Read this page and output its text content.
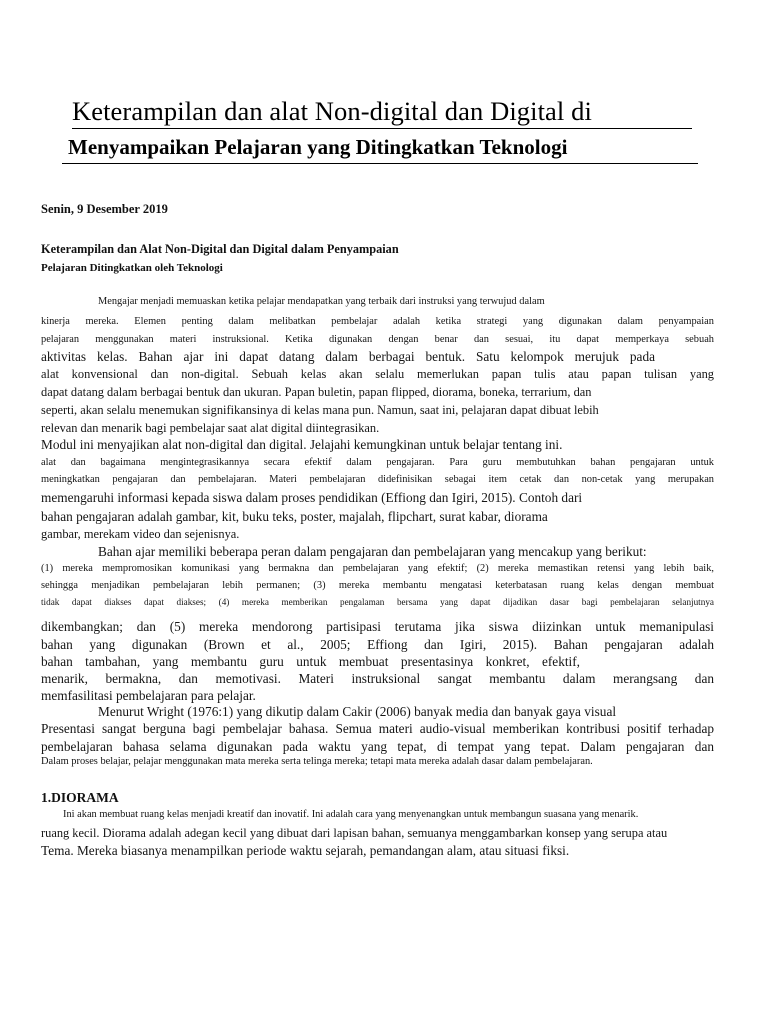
Keterampilan dan alat Non-digital dan Digital di
Menyampaikan Pelajaran yang Ditingkatkan Teknologi
Senin, 9 Desember 2019
Keterampilan dan Alat Non-Digital dan Digital dalam Penyampaian
Pelajaran Ditingkatkan oleh Teknologi
Mengajar menjadi memuaskan ketika pelajar mendapatkan yang terbaik dari instruksi yang terwujud dalam
kinerja mereka. Elemen penting dalam melibatkan pembelajar adalah ketika strategi yang digunakan dalam penyampaian
pelajaran menggunakan materi instruksional. Ketika digunakan dengan benar dan sesuai, itu dapat memperkaya sebuah
aktivitas kelas. Bahan ajar ini dapat datang dalam berbagai bentuk. Satu kelompok merujuk pada
alat konvensional dan non-digital. Sebuah kelas akan selalu memerlukan papan tulis atau papan tulisan yang
dapat datang dalam berbagai bentuk dan ukuran. Papan buletin, papan flipped, diorama, boneka, terrarium, dan
seperti, akan selalu menemukan signifikansinya di kelas mana pun. Namun, saat ini, pelajaran dapat dibuat lebih
relevan dan menarik bagi pembelajar saat alat digital diintegrasikan.
Modul ini menyajikan alat non-digital dan digital. Jelajahi kemungkinan untuk belajar tentang ini.
alat dan bagaimana mengintegrasikannya secara efektif dalam pengajaran. Para guru membutuhkan bahan pengajaran untuk
meningkatkan pengajaran dan pembelajaran. Materi pembelajaran didefinisikan sebagai item cetak dan non-cetak yang merupakan
memengaruhi informasi kepada siswa dalam proses pendidikan (Effiong dan Igiri, 2015). Contoh dari
bahan pengajaran adalah gambar, kit, buku teks, poster, majalah, flipchart, surat kabar, diorama
gambar, merekam video dan sejenisnya.
Bahan ajar memiliki beberapa peran dalam pengajaran dan pembelajaran yang mencakup yang berikut:
(1) mereka mempromosikan komunikasi yang bermakna dan pembelajaran yang efektif; (2) mereka memastikan retensi yang lebih baik,
sehingga menjadikan pembelajaran lebih permanen; (3) mereka membantu mengatasi keterbatasan ruang kelas dengan membuat
tidak dapat diakses dapat diakses; (4) mereka memberikan pengalaman bersama yang dapat dijadikan dasar bagi pembelajaran selanjutnya
dikembangkan; dan (5) mereka mendorong partisipasi terutama jika siswa diizinkan untuk memanipulasi
bahan yang digunakan (Brown et al., 2005; Effiong dan Igiri, 2015). Bahan pengajaran adalah
bahan tambahan, yang membantu guru untuk membuat presentasinya konkret, efektif,
menarik, bermakna, dan memotivasi. Materi instruksional sangat membantu dalam merangsang dan
memfasilitasi pembelajaran para pelajar.
Menurut Wright (1976:1) yang dikutip dalam Cakir (2006) banyak media dan banyak gaya visual
Presentasi sangat berguna bagi pembelajar bahasa. Semua materi audio-visual memberikan kontribusi positif terhadap
pembelajaran bahasa selama digunakan pada waktu yang tepat, di tempat yang tepat. Dalam pengajaran dan
Dalam proses belajar, pelajar menggunakan mata mereka serta telinga mereka; tetapi mata mereka adalah dasar dalam pembelajaran.
1.DIORAMA
Ini akan membuat ruang kelas menjadi kreatif dan inovatif. Ini adalah cara yang menyenangkan untuk membangun suasana yang menarik.
ruang kecil. Diorama adalah adegan kecil yang dibuat dari lapisan bahan, semuanya menggambarkan konsep yang serupa atau
Tema. Mereka biasanya menampilkan periode waktu sejarah, pemandangan alam, atau situasi fiksi.
